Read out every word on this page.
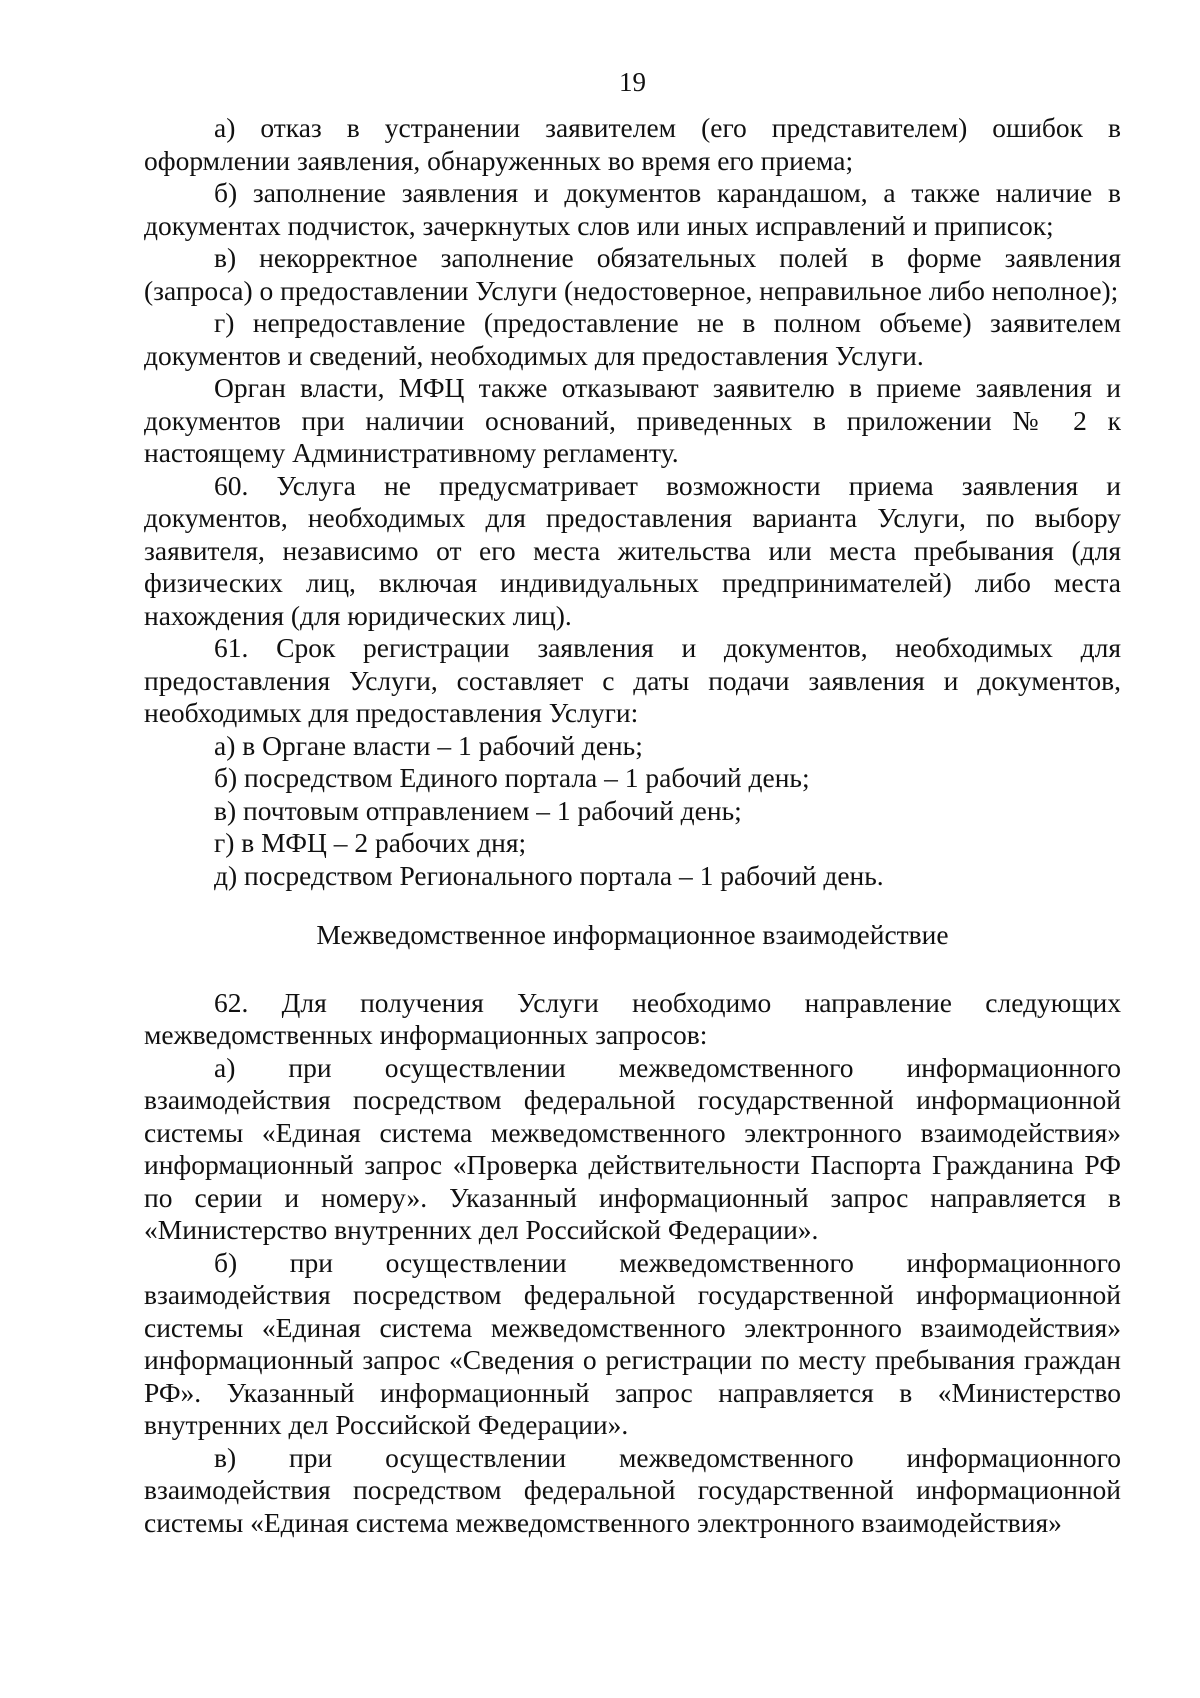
19

а) отказ в устранении заявителем (его представителем) ошибок в оформлении заявления, обнаруженных во время его приема;

б) заполнение заявления и документов карандашом, а также наличие в документах подчисток, зачеркнутых слов или иных исправлений и приписок;

в) некорректное заполнение обязательных полей в форме заявления (запроса) о предоставлении Услуги (недостоверное, неправильное либо неполное);

г) непредоставление (предоставление не в полном объеме) заявителем документов и сведений, необходимых для предоставления Услуги.

Орган власти, МФЦ также отказывают заявителю в приеме заявления и документов при наличии оснований, приведенных в приложении № 2 к настоящему Административному регламенту.

60. Услуга не предусматривает возможности приема заявления и документов, необходимых для предоставления варианта Услуги, по выбору заявителя, независимо от его места жительства или места пребывания (для физических лиц, включая индивидуальных предпринимателей) либо места нахождения (для юридических лиц).

61. Срок регистрации заявления и документов, необходимых для предоставления Услуги, составляет с даты подачи заявления и документов, необходимых для предоставления Услуги:

а) в Органе власти – 1 рабочий день;

б) посредством Единого портала – 1 рабочий день;

в) почтовым отправлением – 1 рабочий день;

г) в МФЦ – 2 рабочих дня;

д) посредством Регионального портала – 1 рабочий день.

Межведомственное информационное взаимодействие

62. Для получения Услуги необходимо направление следующих межведомственных информационных запросов:

а) при осуществлении межведомственного информационного взаимодействия посредством федеральной государственной информационной системы «Единая система межведомственного электронного взаимодействия» информационный запрос «Проверка действительности Паспорта Гражданина РФ по серии и номеру». Указанный информационный запрос направляется в «Министерство внутренних дел Российской Федерации».

б) при осуществлении межведомственного информационного взаимодействия посредством федеральной государственной информационной системы «Единая система межведомственного электронного взаимодействия» информационный запрос «Сведения о регистрации по месту пребывания граждан РФ». Указанный информационный запрос направляется в «Министерство внутренних дел Российской Федерации».

в) при осуществлении межведомственного информационного взаимодействия посредством федеральной государственной информационной системы «Единая система межведомственного электронного взаимодействия»
